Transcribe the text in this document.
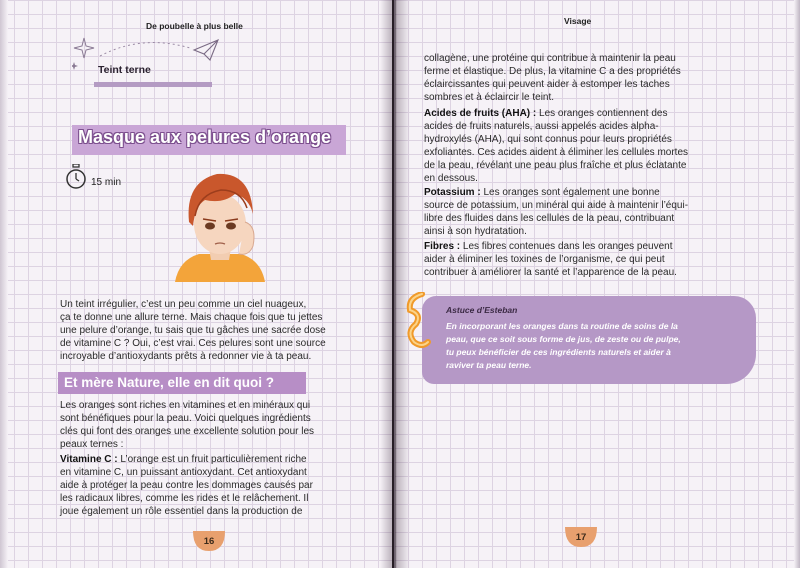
De poubelle à plus belle
Teint terne
Masque aux pelures d’orange
15 min
Un teint irrégulier, c’est un peu comme un ciel nuageux,
ça te donne une allure terne. Mais chaque fois que tu jettes
une pelure d’orange, tu sais que tu gâches une sacrée dose
de vitamine C ? Oui, c’est vrai. Ces pelures sont une source
incroyable d’antioxydants prêts à redonner vie à ta peau.
Et mère Nature, elle en dit quoi ?
Les oranges sont riches en vitamines et en minéraux qui
sont bénéfiques pour la peau. Voici quelques ingrédients
clés qui font des oranges une excellente solution pour les
peaux ternes :
Vitamine C : L’orange est un fruit particulièrement riche
en vitamine C, un puissant antioxydant. Cet antioxydant
aide à protéger la peau contre les dommages causés par
les radicaux libres, comme les rides et le relâchement. Il
joue également un rôle essentiel dans la production de
16
Visage
collagène, une protéine qui contribue à maintenir la peau
ferme et élastique. De plus, la vitamine C a des propriétés
éclaircissantes qui peuvent aider à estomper les taches
sombres et à éclaircir le teint.
Acides de fruits (AHA) : Les oranges contiennent des
acides de fruits naturels, aussi appelés acides alpha-
hydroxylés (AHA), qui sont connus pour leurs propriétés
exfoliantes. Ces acides aident à éliminer les cellules mortes
de la peau, révélant une peau plus fraîche et plus éclatante
en dessous.
Potassium : Les oranges sont également une bonne
source de potassium, un minéral qui aide à maintenir l’équi-
libre des fluides dans les cellules de la peau, contribuant
ainsi à son hydratation.
Fibres : Les fibres contenues dans les oranges peuvent
aider à éliminer les toxines de l’organisme, ce qui peut
contribuer à améliorer la santé et l’apparence de la peau.
Astuce d’Esteban
En incorporant les oranges dans ta routine de soins de la
peau, que ce soit sous forme de jus, de zeste ou de pulpe,
tu peux bénéficier de ces ingrédients naturels et aider à
raviver ta peau terne.
17
